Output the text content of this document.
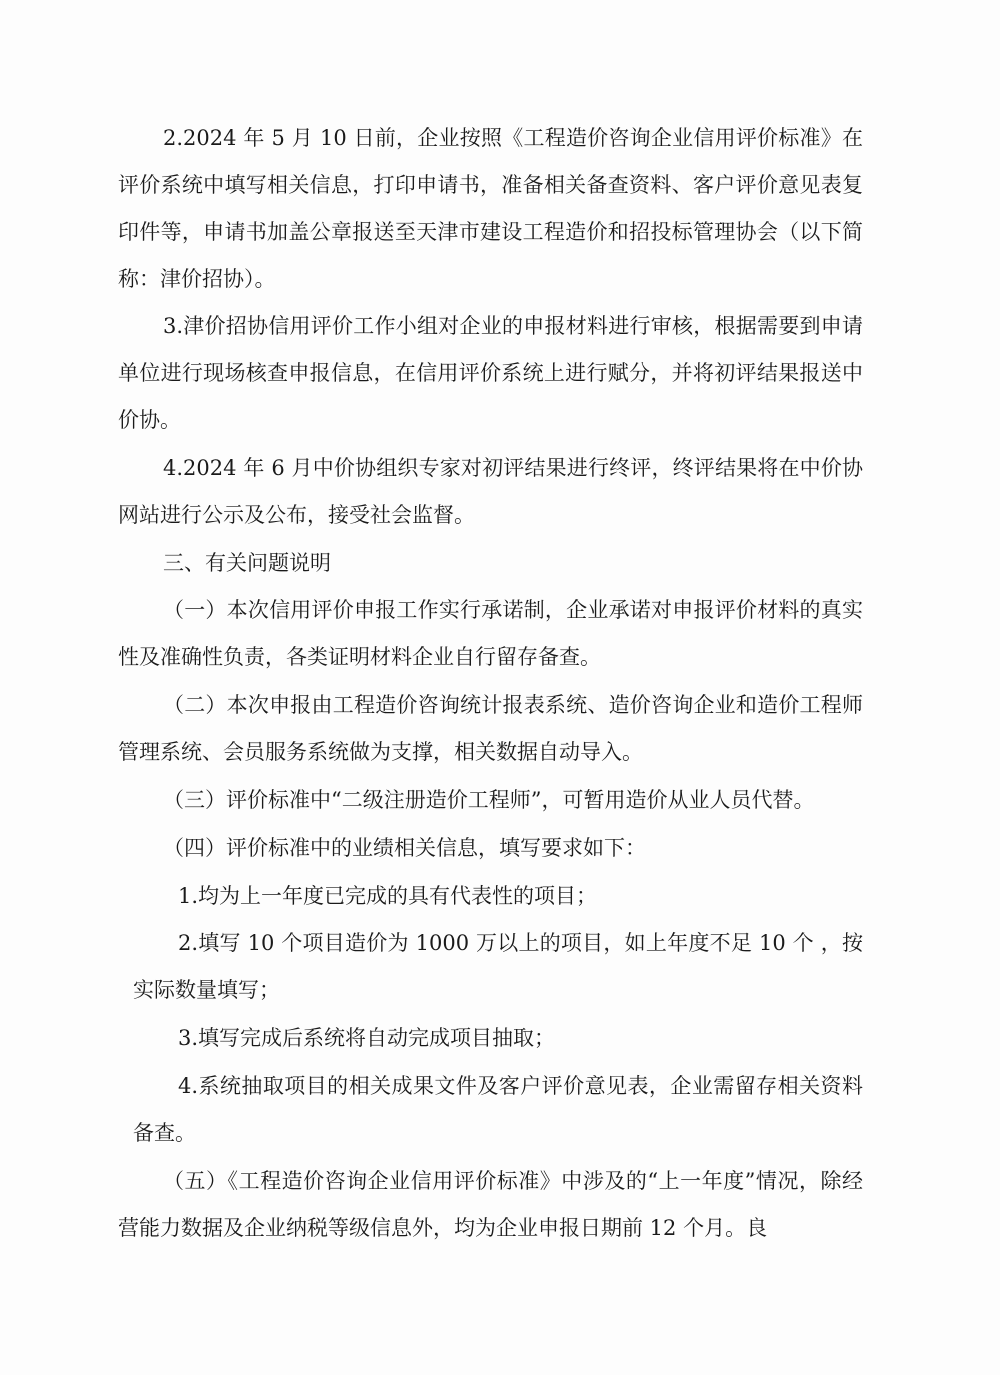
2.2024 年 5 月 10 日前，企业按照《工程造价咨询企业信用评价标准》在评价系统中填写相关信息，打印申请书，准备相关备查资料、客户评价意见表复印件等，申请书加盖公章报送至天津市建设工程造价和招投标管理协会（以下简称：津价招协）。

3.津价招协信用评价工作小组对企业的申报材料进行审核，根据需要到申请单位进行现场核查申报信息，在信用评价系统上进行赋分，并将初评结果报送中价协。

4.2024 年 6 月中价协组织专家对初评结果进行终评，终评结果将在中价协网站进行公示及公布，接受社会监督。

三、有关问题说明

（一）本次信用评价申报工作实行承诺制，企业承诺对申报评价材料的真实性及准确性负责，各类证明材料企业自行留存备查。

（二）本次申报由工程造价咨询统计报表系统、造价咨询企业和造价工程师管理系统、会员服务系统做为支撑，相关数据自动导入。

（三）评价标准中“二级注册造价工程师”，可暂用造价从业人员代替。

（四）评价标准中的业绩相关信息，填写要求如下：

1.均为上一年度已完成的具有代表性的项目；

2.填写 10 个项目造价为 1000 万以上的项目，如上年度不足 10 个 ，按实际数量填写；

3.填写完成后系统将自动完成项目抽取；

4.系统抽取项目的相关成果文件及客户评价意见表，企业需留存相关资料备查。

（五）《工程造价咨询企业信用评价标准》中涉及的“上一年度”情况，除经营能力数据及企业纳税等级信息外，均为企业申报日期前 12 个月。良
